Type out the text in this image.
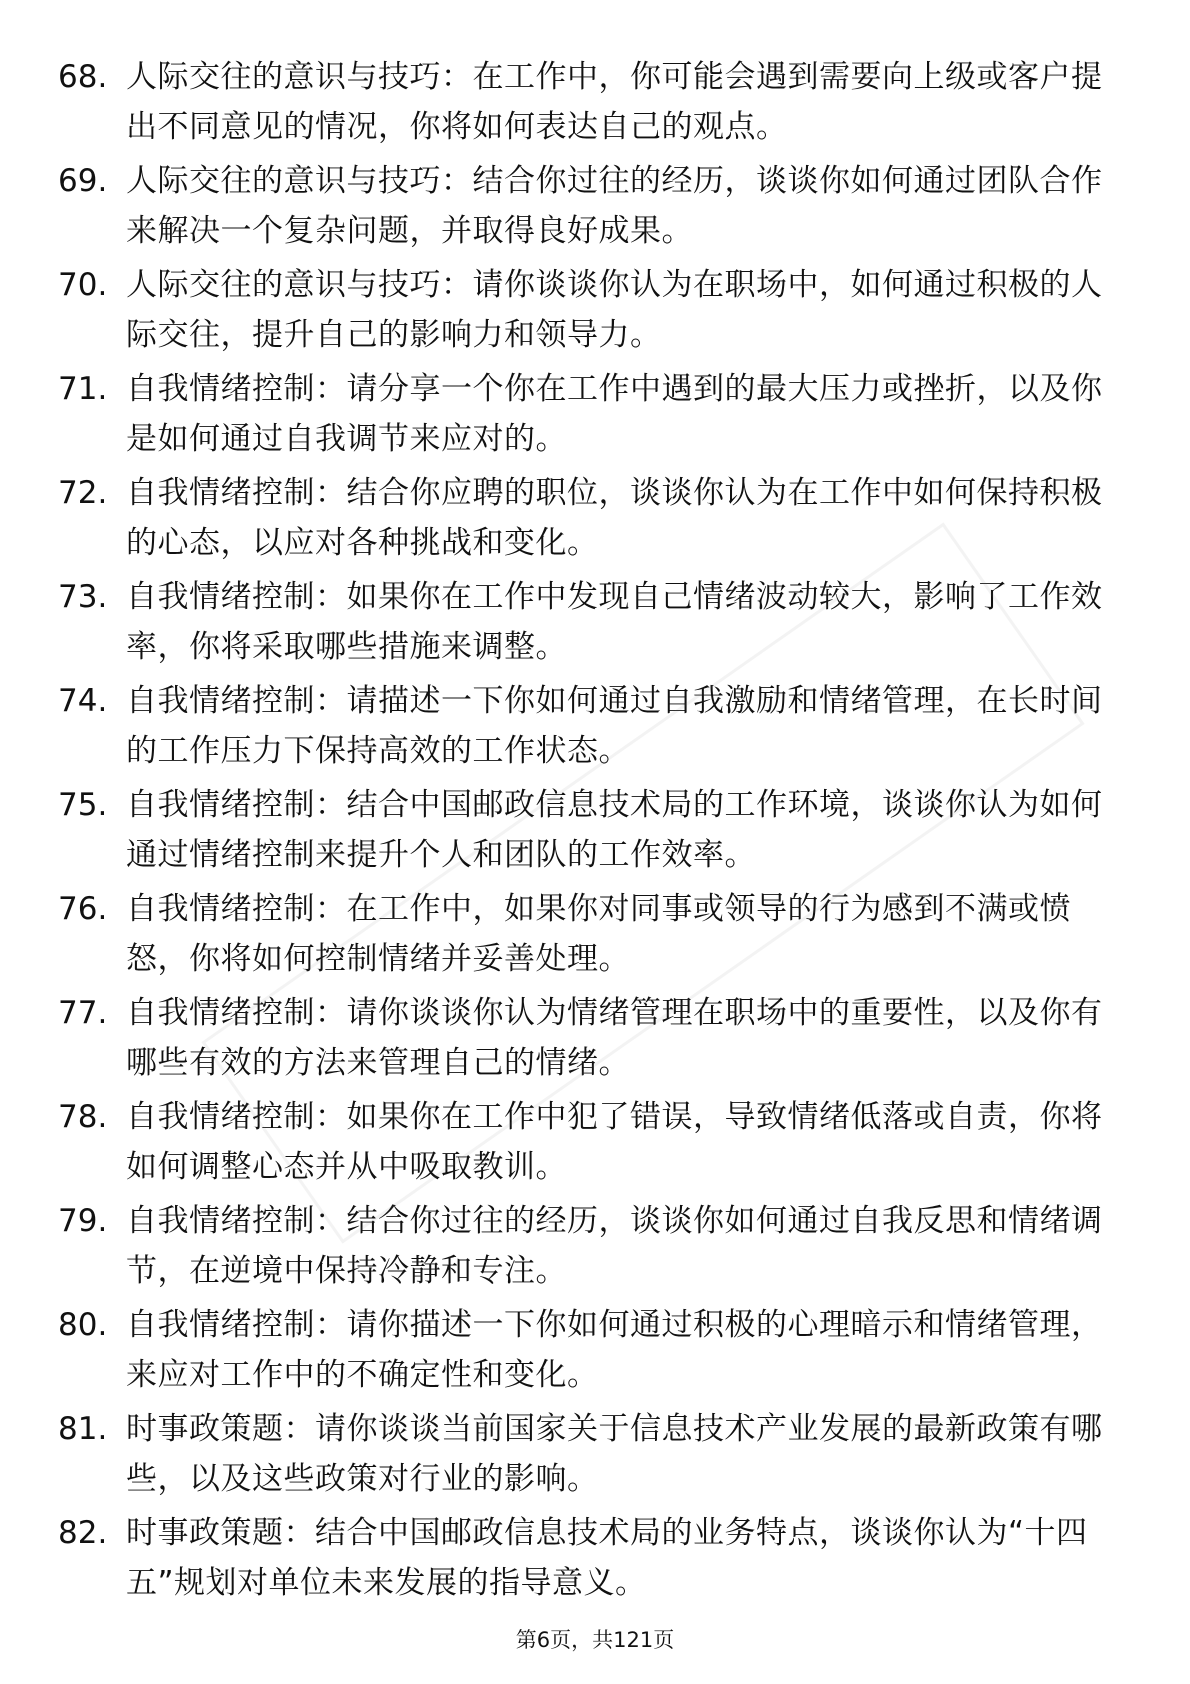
68. 人际交往的意识与技巧：在工作中，你可能会遇到需要向上级或客户提出不同意见的情况，你将如何表达自己的观点。
69. 人际交往的意识与技巧：结合你过往的经历，谈谈你如何通过团队合作来解决一个复杂问题，并取得良好成果。
70. 人际交往的意识与技巧：请你谈谈你认为在职场中，如何通过积极的人际交往，提升自己的影响力和领导力。
71. 自我情绪控制：请分享一个你在工作中遇到的最大压力或挫折，以及你是如何通过自我调节来应对的。
72. 自我情绪控制：结合你应聘的职位，谈谈你认为在工作中如何保持积极的心态，以应对各种挑战和变化。
73. 自我情绪控制：如果你在工作中发现自己情绪波动较大，影响了工作效率，你将采取哪些措施来调整。
74. 自我情绪控制：请描述一下你如何通过自我激励和情绪管理，在长时间的工作压力下保持高效的工作状态。
75. 自我情绪控制：结合中国邮政信息技术局的工作环境，谈谈你认为如何通过情绪控制来提升个人和团队的工作效率。
76. 自我情绪控制：在工作中，如果你对同事或领导的行为感到不满或愤怒，你将如何控制情绪并妥善处理。
77. 自我情绪控制：请你谈谈你认为情绪管理在职场中的重要性，以及你有哪些有效的方法来管理自己的情绪。
78. 自我情绪控制：如果你在工作中犯了错误，导致情绪低落或自责，你将如何调整心态并从中吸取教训。
79. 自我情绪控制：结合你过往的经历，谈谈你如何通过自我反思和情绪调节，在逆境中保持冷静和专注。
80. 自我情绪控制：请你描述一下你如何通过积极的心理暗示和情绪管理，来应对工作中的不确定性和变化。
81. 时事政策题：请你谈谈当前国家关于信息技术产业发展的最新政策有哪些，以及这些政策对行业的影响。
82. 时事政策题：结合中国邮政信息技术局的业务特点，谈谈你认为“十四五”规划对单位未来发展的指导意义。
第6页，共121页
